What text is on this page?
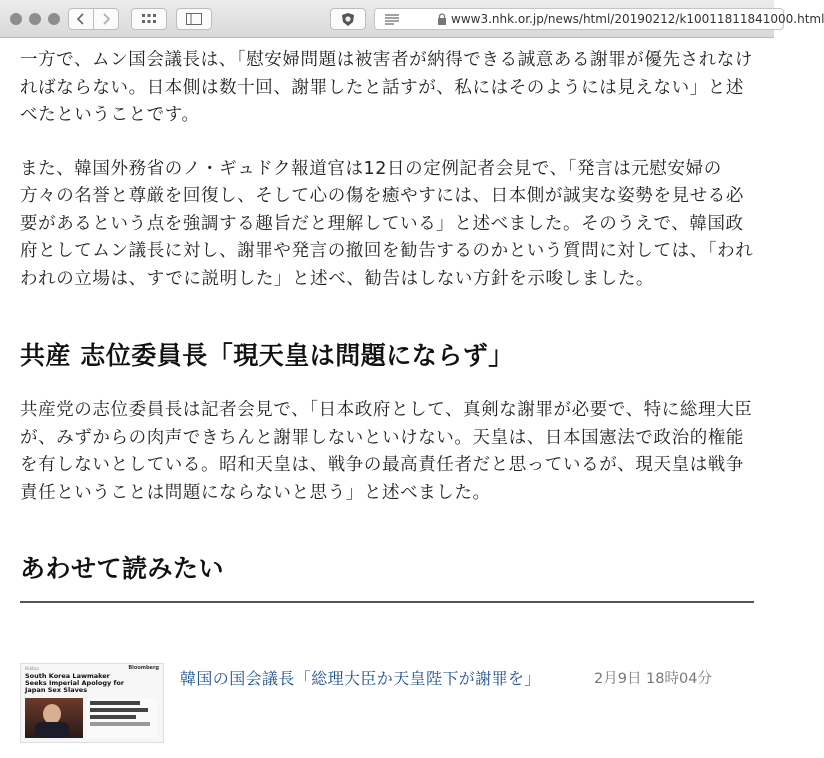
www3.nhk.or.jp/news/html/20190212/k10011811841000.html

一方で、ムン国会議長は、「慰安婦問題は被害者が納得できる誠意ある謝罪が優先されなければならない。日本側は数十回、謝罪したと話すが、私にはそのようには見えない」と述べたということです。

また、韓国外務省のノ・ギュドク報道官は12日の定例記者会見で、「発言は元慰安婦の方々の名誉と尊厳を回復し、そして心の傷を癒やすには、日本側が誠実な姿勢を見せる必要があるという点を強調する趣旨だと理解している」と述べました。そのうえで、韓国政府としてムン議長に対し、謝罪や発言の撤回を勧告するのかという質問に対しては、「われわれの立場は、すでに説明した」と述べ、勧告はしない方針を示唆しました。

共産 志位委員長「現天皇は問題にならず」

共産党の志位委員長は記者会見で、「日本政府として、真剣な謝罪が必要で、特に総理大臣が、みずからの肉声できちんと謝罪しないといけない。天皇は、日本国憲法で政治的権能を有しないとしている。昭和天皇は、戦争の最高責任者だと思っているが、現天皇は戦争責任ということは問題にならないと思う」と述べました。

あわせて読みたい
Politics	Bloomberg
South Korea Lawmaker Seeks Imperial Apology for Japan Sex Slaves
韓国の国会議長「総理大臣か天皇陛下が謝罪を」	2月9日 18時04分
